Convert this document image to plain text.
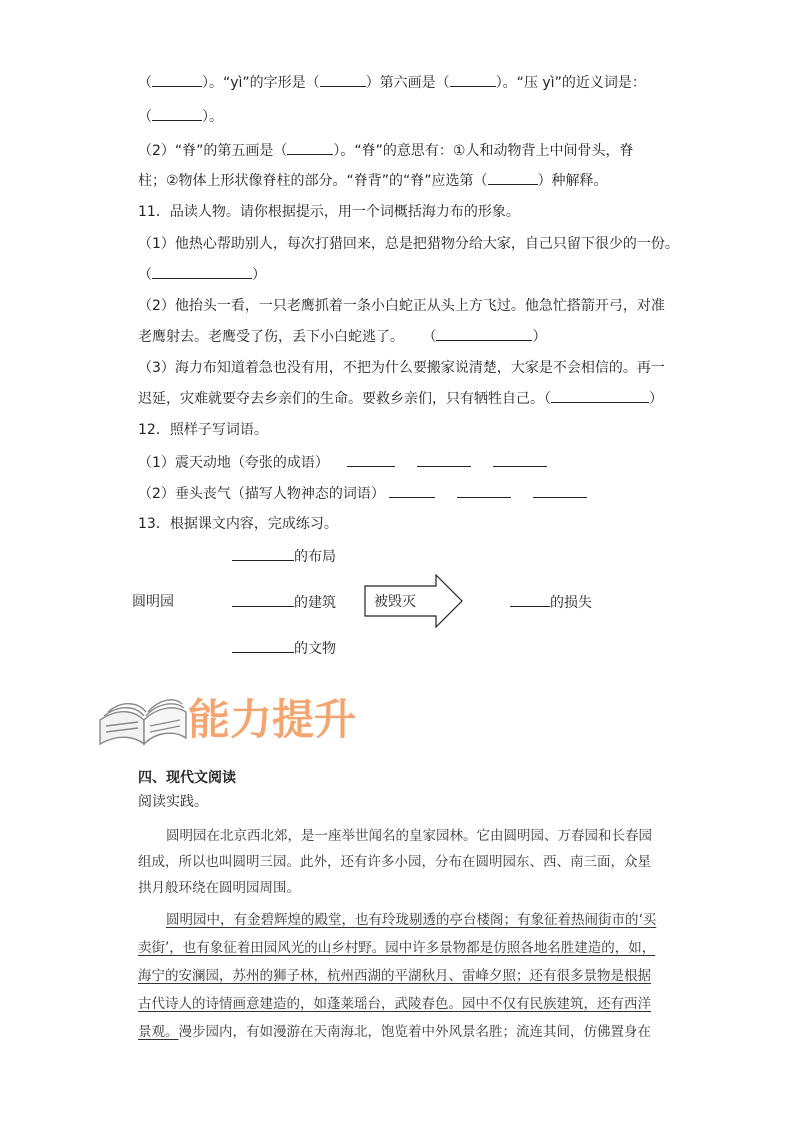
（	）。“yì”的字形是（	）第六画是（	）。“压 yì”的近义词是：
（	）。
（2）“脊”的第五画是（	）。“脊”的意思有：①人和动物背上中间骨头，脊
柱；②物体上形状像脊柱的部分。“脊背”的“脊”应选第（	）种解释。
11．品读人物。请你根据提示，用一个词概括海力布的形象。
（1）他热心帮助别人，每次打猎回来，总是把猎物分给大家，自己只留下很少的一份。
（	）
（2）他抬头一看，一只老鹰抓着一条小白蛇正从头上方飞过。他急忙搭箭开弓，对准
老鹰射去。老鹰受了伤，丢下小白蛇逃了。 （	）
（3）海力布知道着急也没有用，不把为什么要搬家说清楚，大家是不会相信的。再一
迟延，灾难就要夺去乡亲们的生命。要救乡亲们，只有牺牲自己。（	）
12．照样子写词语。
（1）震天动地（夸张的成语）
（2）垂头丧气（描写人物神态的词语）
13．根据课文内容，完成练习。
的布局
圆明园	的建筑	被毁灭	的损失
的文物
能力提升
四、现代文阅读
阅读实践。

圆明园在北京西北郊，是一座举世闻名的皇家园林。它由圆明园、万春园和长春园

组成，所以也叫圆明三园。此外，还有许多小园，分布在圆明园东、西、南三面，众星

拱月般环绕在圆明园周围。

圆明园中，有金碧辉煌的殿堂，也有玲珑剔透的亭台楼阁；有象征着热闹街市的‘买

卖街’，也有象征着田园风光的山乡村野。园中许多景物都是仿照各地名胜建造的，如，

海宁的安澜园，苏州的狮子林，杭州西湖的平湖秋月、雷峰夕照；还有很多景物是根据

古代诗人的诗情画意建造的，如蓬莱瑶台，武陵春色。园中不仅有民族建筑，还有西洋

景观。漫步园内，有如漫游在天南海北，饱览着中外风景名胜；流连其间，仿佛置身在
